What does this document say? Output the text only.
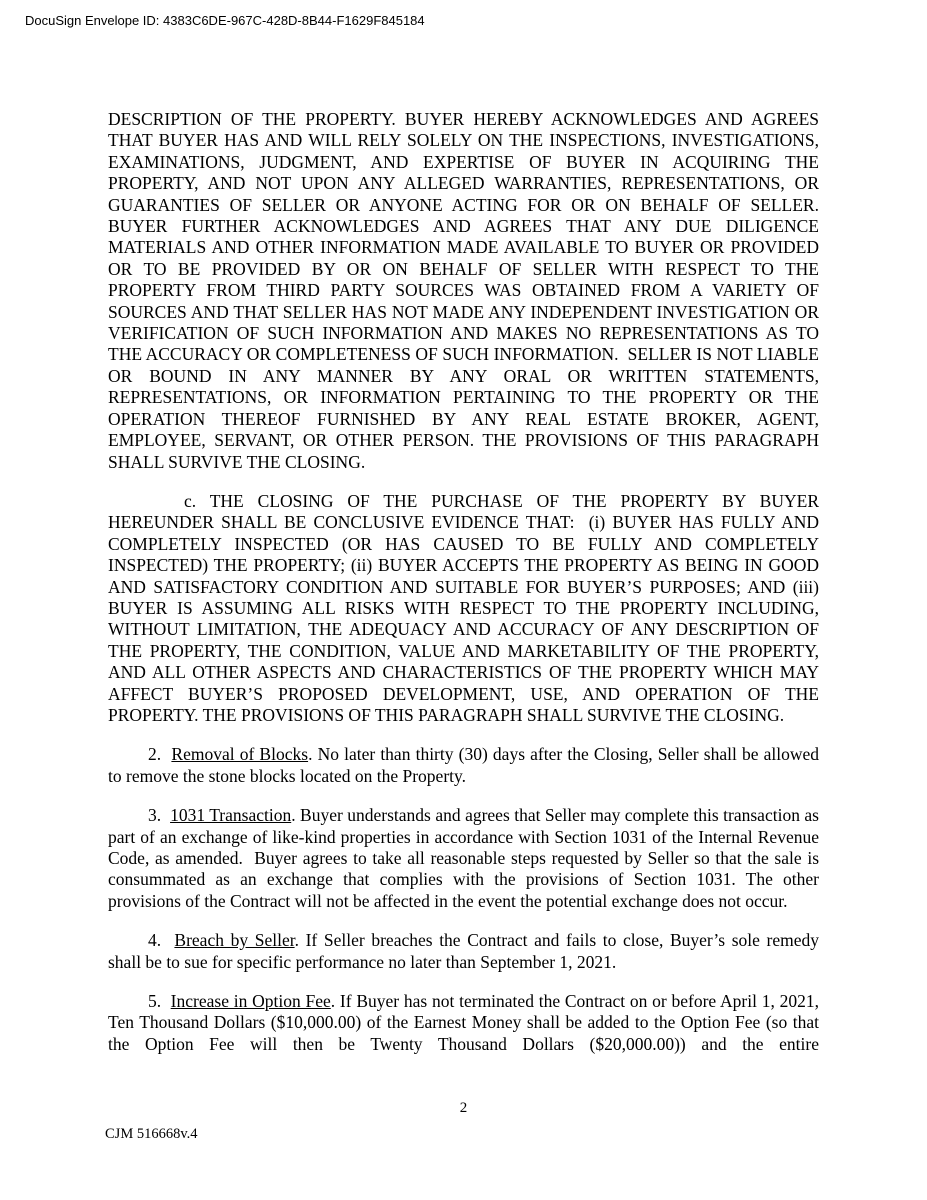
DocuSign Envelope ID: 4383C6DE-967C-428D-8B44-F1629F845184

DESCRIPTION OF THE PROPERTY. BUYER HEREBY ACKNOWLEDGES AND AGREES THAT BUYER HAS AND WILL RELY SOLELY ON THE INSPECTIONS, INVESTIGATIONS, EXAMINATIONS, JUDGMENT, AND EXPERTISE OF BUYER IN ACQUIRING THE PROPERTY, AND NOT UPON ANY ALLEGED WARRANTIES, REPRESENTATIONS, OR GUARANTIES OF SELLER OR ANYONE ACTING FOR OR ON BEHALF OF SELLER. BUYER FURTHER ACKNOWLEDGES AND AGREES THAT ANY DUE DILIGENCE MATERIALS AND OTHER INFORMATION MADE AVAILABLE TO BUYER OR PROVIDED OR TO BE PROVIDED BY OR ON BEHALF OF SELLER WITH RESPECT TO THE PROPERTY FROM THIRD PARTY SOURCES WAS OBTAINED FROM A VARIETY OF SOURCES AND THAT SELLER HAS NOT MADE ANY INDEPENDENT INVESTIGATION OR VERIFICATION OF SUCH INFORMATION AND MAKES NO REPRESENTATIONS AS TO THE ACCURACY OR COMPLETENESS OF SUCH INFORMATION.  SELLER IS NOT LIABLE OR BOUND IN ANY MANNER BY ANY ORAL OR WRITTEN STATEMENTS, REPRESENTATIONS, OR INFORMATION PERTAINING TO THE PROPERTY OR THE OPERATION THEREOF FURNISHED BY ANY REAL ESTATE BROKER, AGENT, EMPLOYEE, SERVANT, OR OTHER PERSON. THE PROVISIONS OF THIS PARAGRAPH SHALL SURVIVE THE CLOSING.

c. THE CLOSING OF THE PURCHASE OF THE PROPERTY BY BUYER HEREUNDER SHALL BE CONCLUSIVE EVIDENCE THAT:  (i) BUYER HAS FULLY AND COMPLETELY INSPECTED (OR HAS CAUSED TO BE FULLY AND COMPLETELY INSPECTED) THE PROPERTY; (ii) BUYER ACCEPTS THE PROPERTY AS BEING IN GOOD AND SATISFACTORY CONDITION AND SUITABLE FOR BUYER’S PURPOSES; AND (iii) BUYER IS ASSUMING ALL RISKS WITH RESPECT TO THE PROPERTY INCLUDING, WITHOUT LIMITATION, THE ADEQUACY AND ACCURACY OF ANY DESCRIPTION OF THE PROPERTY, THE CONDITION, VALUE AND MARKETABILITY OF THE PROPERTY, AND ALL OTHER ASPECTS AND CHARACTERISTICS OF THE PROPERTY WHICH MAY AFFECT BUYER’S PROPOSED DEVELOPMENT, USE, AND OPERATION OF THE PROPERTY. THE PROVISIONS OF THIS PARAGRAPH SHALL SURVIVE THE CLOSING.

2.  Removal of Blocks. No later than thirty (30) days after the Closing, Seller shall be allowed to remove the stone blocks located on the Property.

3.  1031 Transaction. Buyer understands and agrees that Seller may complete this transaction as part of an exchange of like-kind properties in accordance with Section 1031 of the Internal Revenue Code, as amended.  Buyer agrees to take all reasonable steps requested by Seller so that the sale is consummated as an exchange that complies with the provisions of Section 1031. The other provisions of the Contract will not be affected in the event the potential exchange does not occur.

4.  Breach by Seller. If Seller breaches the Contract and fails to close, Buyer’s sole remedy shall be to sue for specific performance no later than September 1, 2021.

5.  Increase in Option Fee. If Buyer has not terminated the Contract on or before April 1, 2021, Ten Thousand Dollars ($10,000.00) of the Earnest Money shall be added to the Option Fee (so that the Option Fee will then be Twenty Thousand Dollars ($20,000.00)) and the entire

2
CJM 516668v.4
